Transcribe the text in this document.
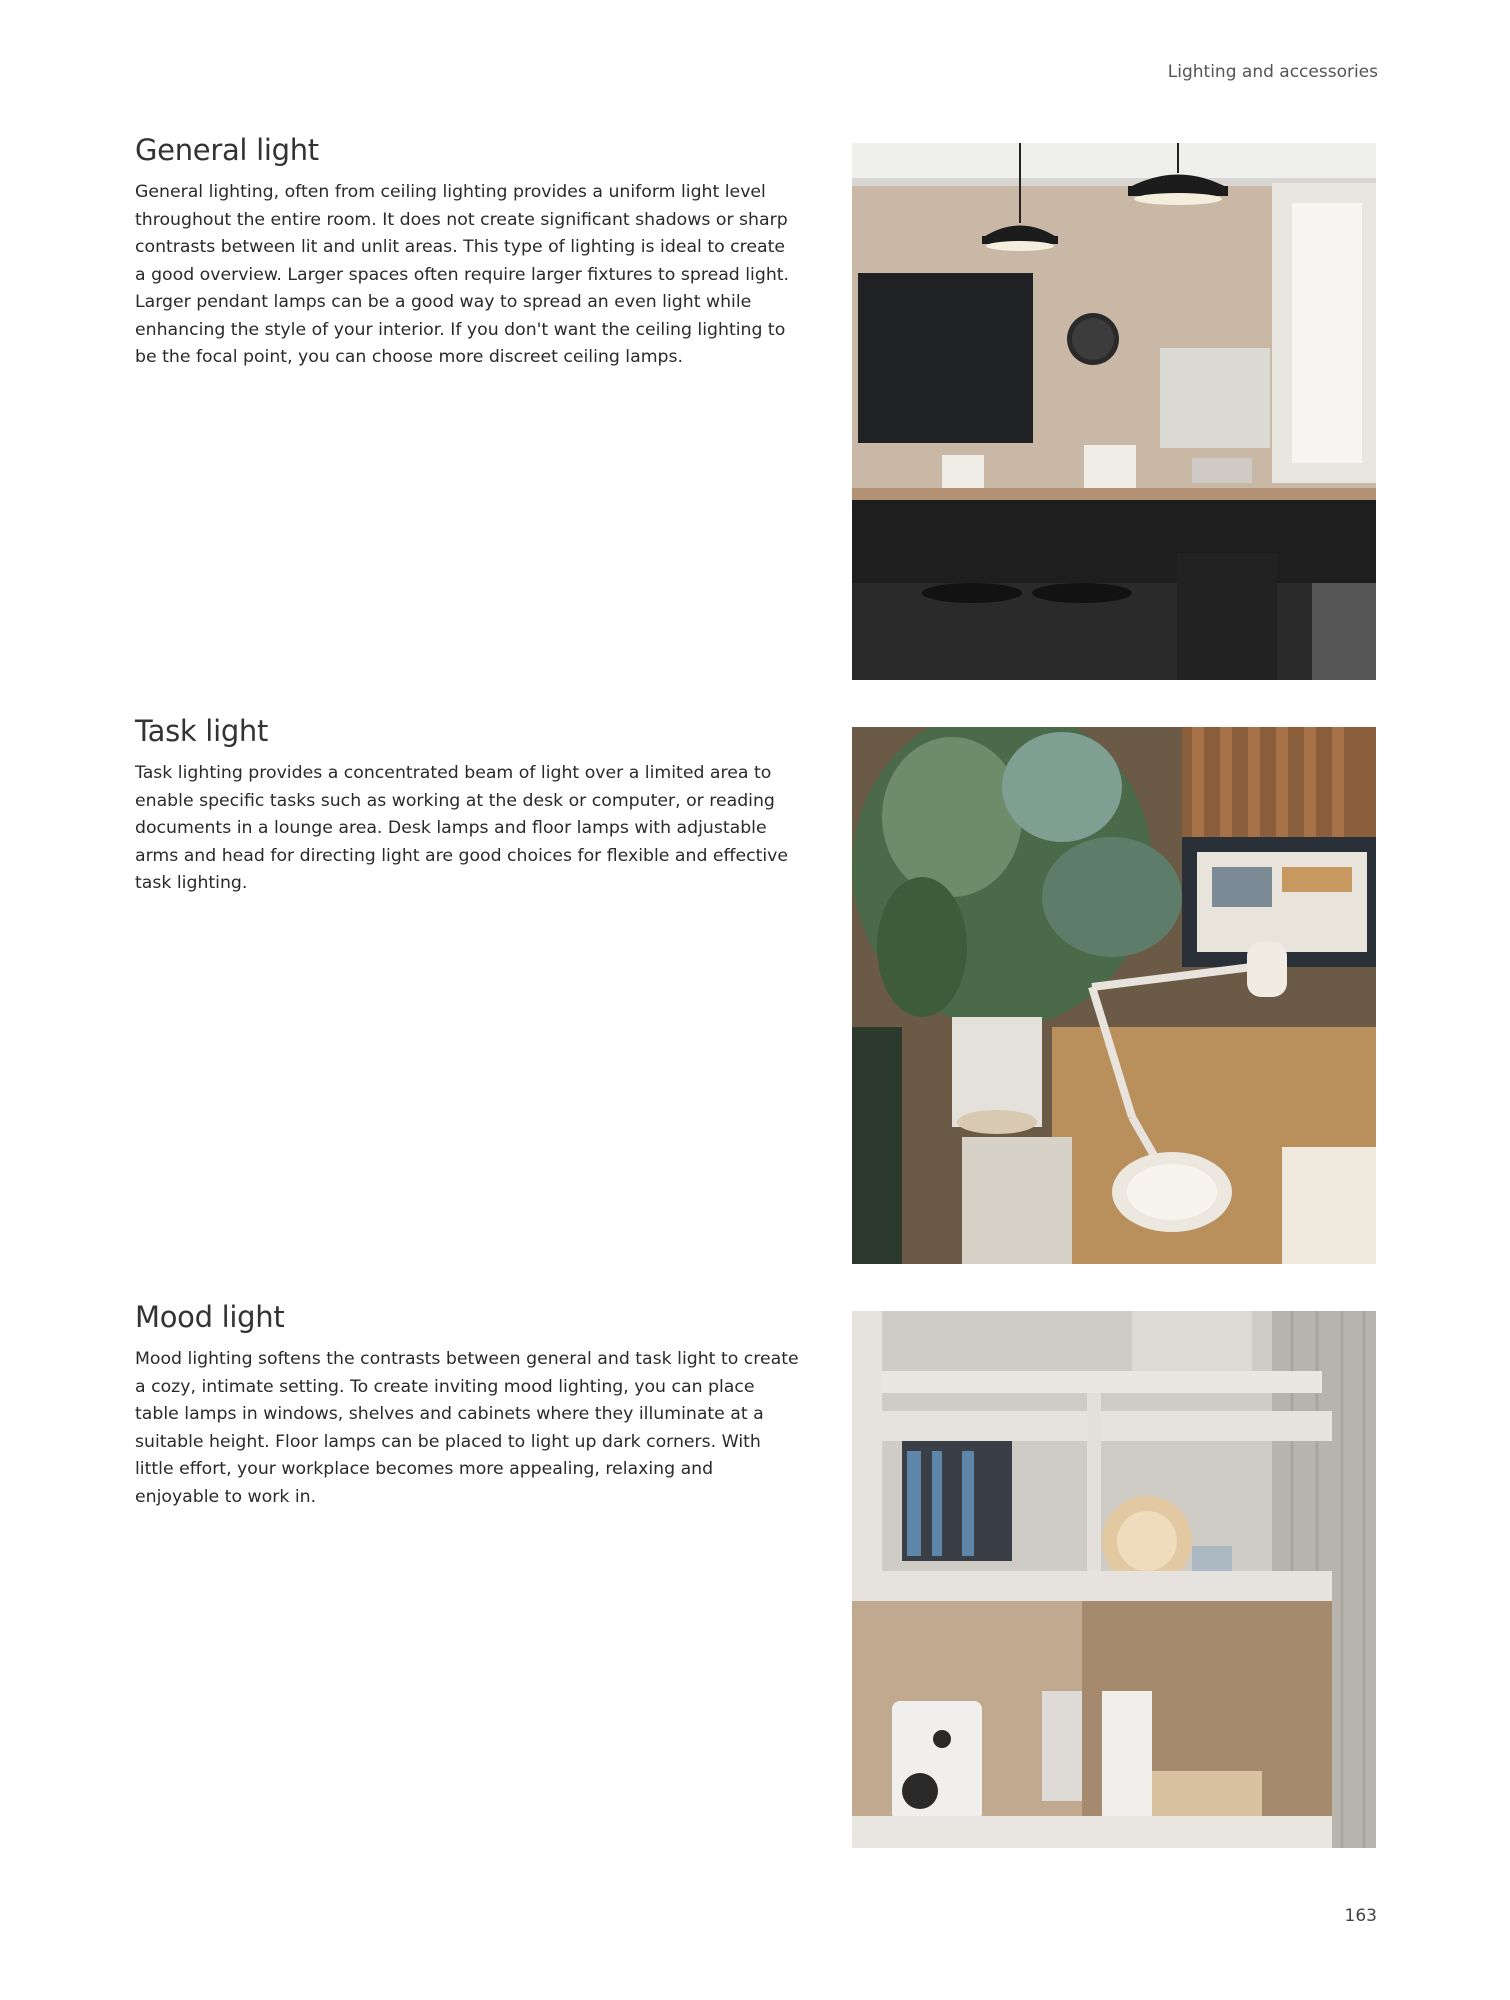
Lighting and accessories
General light

General lighting, often from ceiling lighting provides a uniform light level throughout the entire room. It does not create significant shadows or sharp contrasts between lit and unlit areas. This type of lighting is ideal to create a good overview. Larger spaces often require larger fixtures to spread light. Larger pendant lamps can be a good way to spread an even light while enhancing the style of your interior. If you don't want the ceiling lighting to be the focal point, you can choose more discreet ceiling lamps.

Task light

Task lighting provides a concentrated beam of light over a limited area to enable specific tasks such as working at the desk or computer, or reading documents in a lounge area. Desk lamps and floor lamps with adjustable arms and head for directing light are good choices for flexible and effective task lighting.

Mood light

Mood lighting softens the contrasts between general and task light to create a cozy, intimate setting. To create inviting mood lighting, you can place table lamps in windows, shelves and cabinets where they illuminate at a suitable height. Floor lamps can be placed to light up dark corners. With little effort, your workplace becomes more appealing, relaxing and enjoyable to work in.

163
